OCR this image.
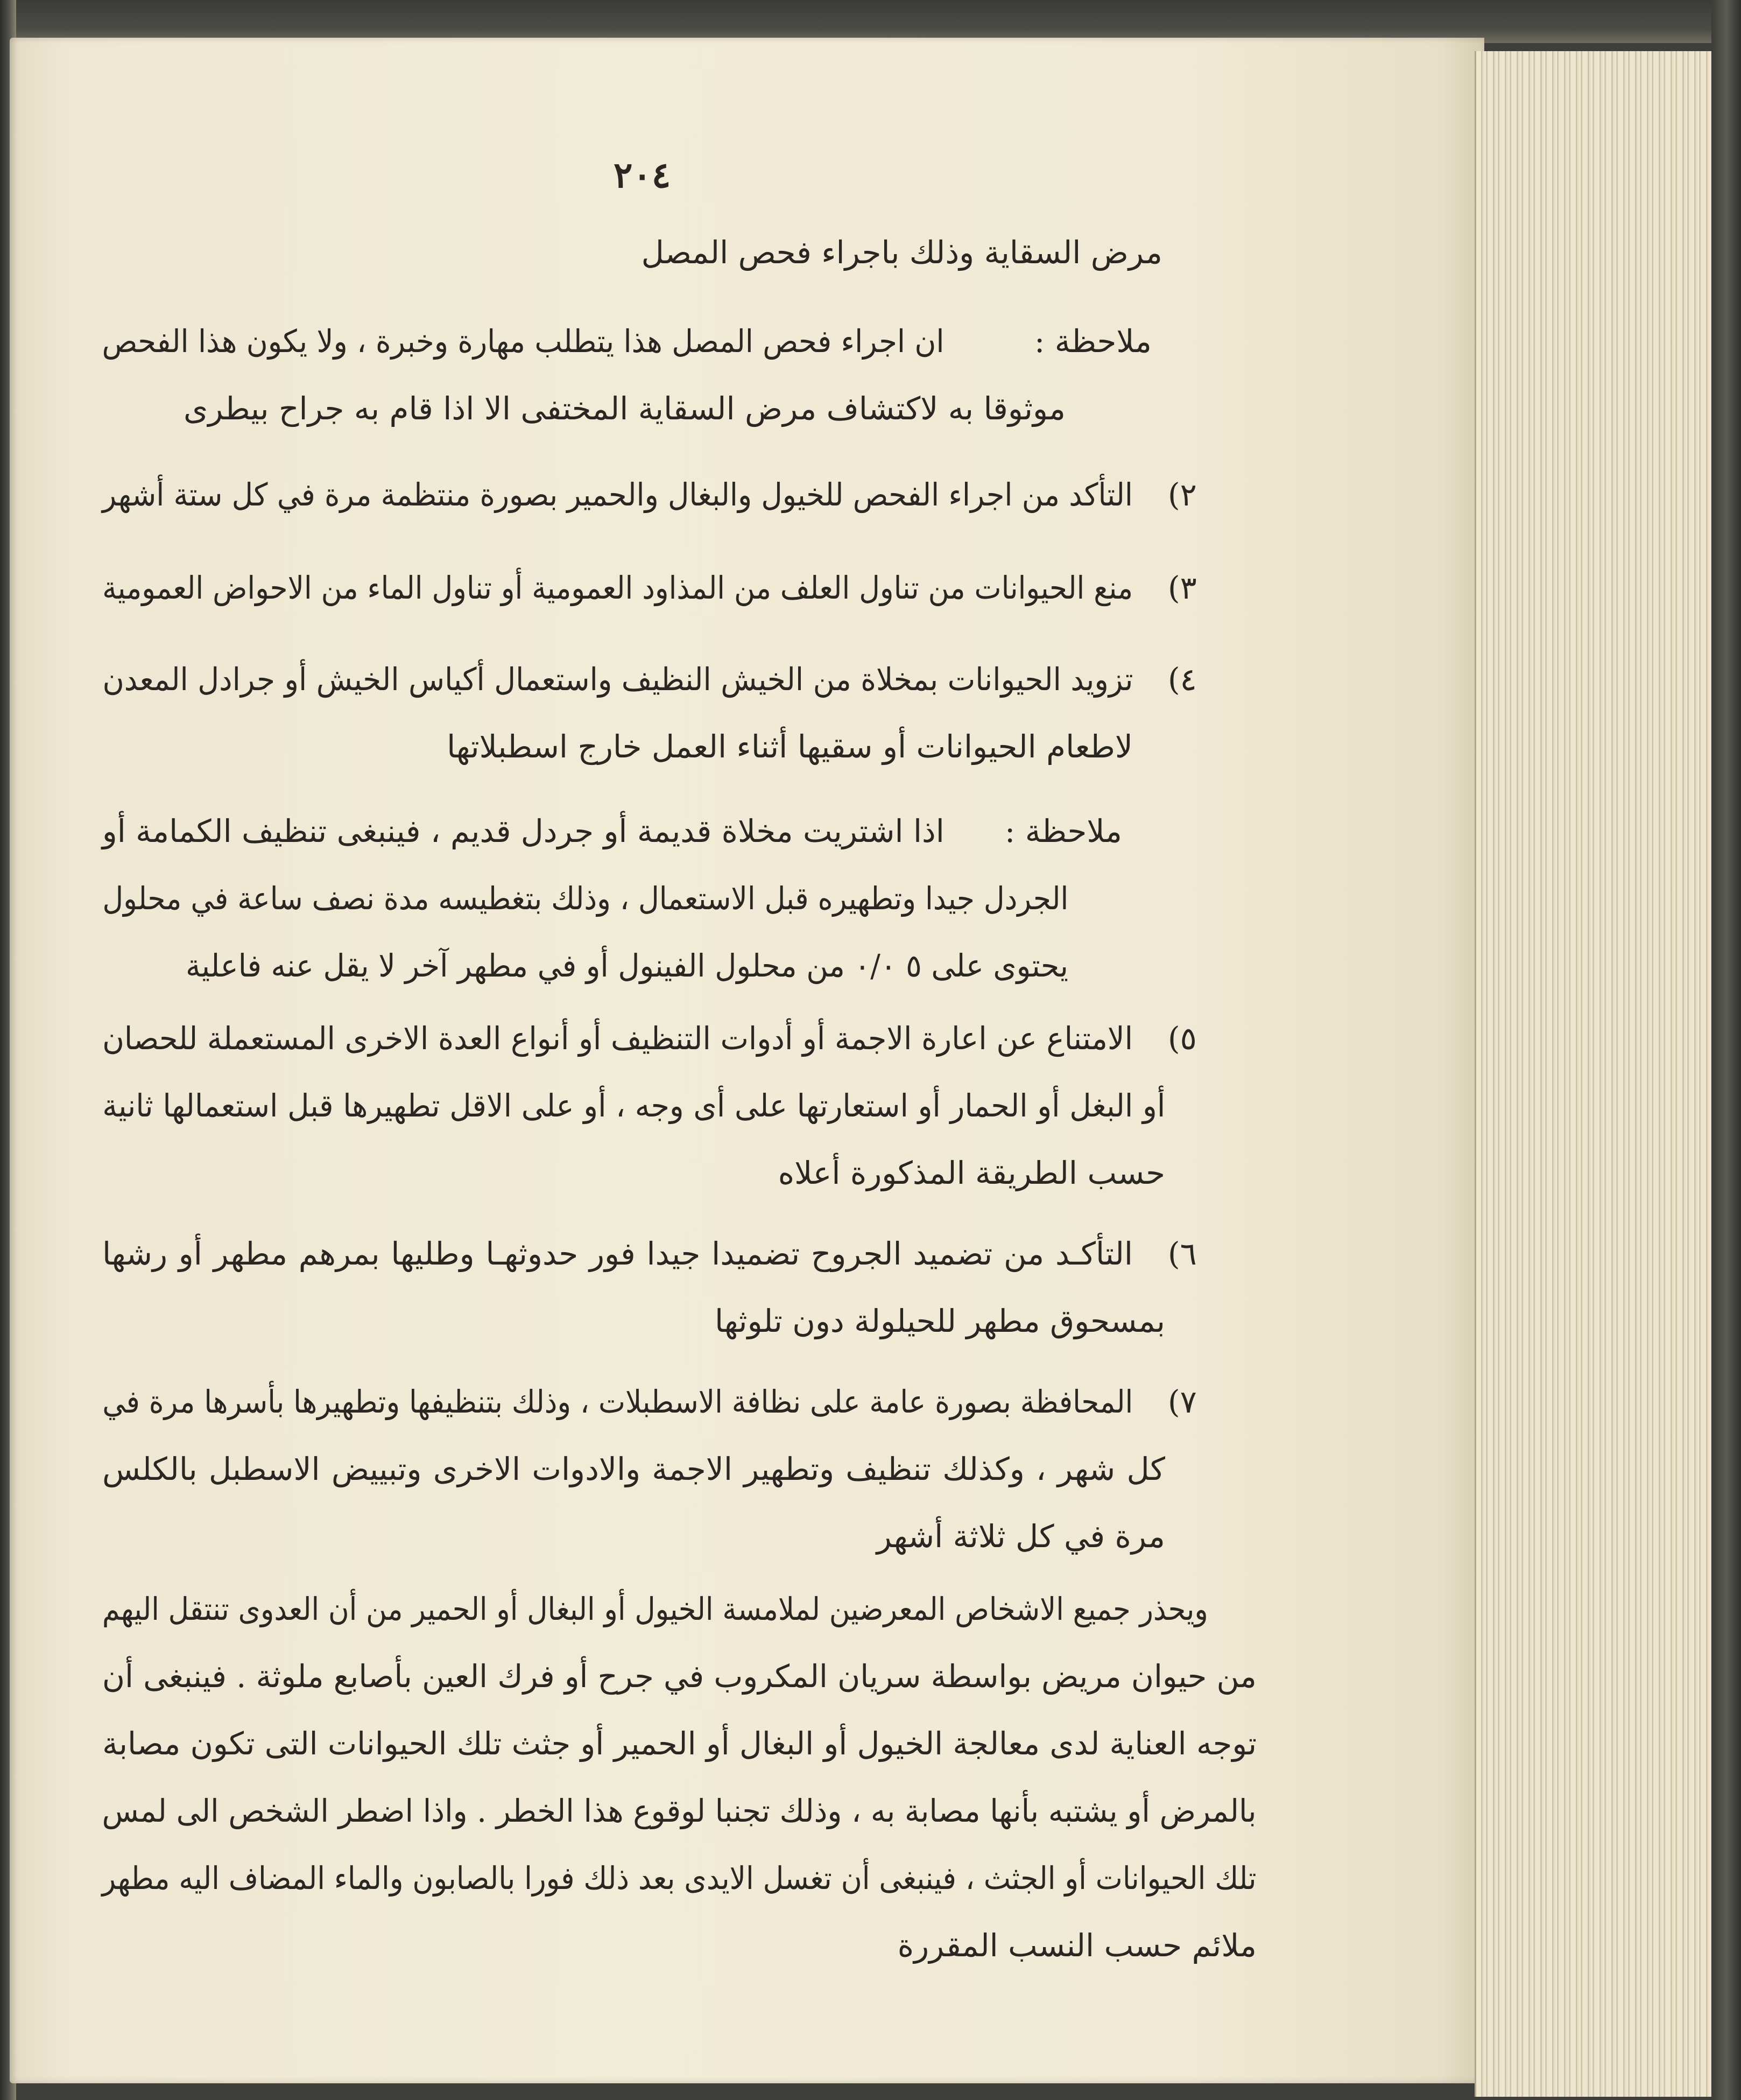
٢٠٤
مرض السقاية وذلك باجراء فحص المصل
ملاحظة :
ان اجراء فحص المصل هذا يتطلب مهارة وخبرة ، ولا يكون هذا الفحص
موثوقا به لاكتشاف مرض السقاية المختفى الا اذا قام به جراح بيطرى
٢)
التأكد من اجراء الفحص للخيول والبغال والحمير بصورة منتظمة مرة في كل ستة أشهر
٣)
منع الحيوانات من تناول العلف من المذاود العمومية أو تناول الماء من الاحواض العمومية
٤)
تزويد الحيوانات بمخلاة من الخيش النظيف واستعمال أكياس الخيش أو جرادل المعدن
لاطعام الحيوانات أو سقيها أثناء العمل خارج اسطبلاتها
ملاحظة :
اذا اشتريت مخلاة قديمة أو جردل قديم ، فينبغى تنظيف الكمامة أو
الجردل جيدا وتطهيره قبل الاستعمال ، وذلك بتغطيسه مدة نصف ساعة في محلول
يحتوى على ٥ ٠/٠ من محلول الفينول أو في مطهر آخر لا يقل عنه فاعلية
٥)
الامتناع عن اعارة الاجمة أو أدوات التنظيف أو أنواع العدة الاخرى المستعملة للحصان
أو البغل أو الحمار أو استعارتها على أى وجه ، أو على الاقل تطهيرها قبل استعمالها ثانية
حسب الطريقة المذكورة أعلاه
٦)
التأكـد من تضميد الجروح تضميدا جيدا فور حدوثهـا وطليها بمرهم مطهر أو رشها
بمسحوق مطهر للحيلولة دون تلوثها
٧)
المحافظة بصورة عامة على نظافة الاسطبلات ، وذلك بتنظيفها وتطهيرها بأسرها مرة في
كل شهر ، وكذلك تنظيف وتطهير الاجمة والادوات الاخرى وتبييض الاسطبل بالكلس
مرة في كل ثلاثة أشهر
ويحذر جميع الاشخاص المعرضين لملامسة الخيول أو البغال أو الحمير من أن العدوى تنتقل اليهم
من حيوان مريض بواسطة سريان المكروب في جرح أو فرك العين بأصابع ملوثة . فينبغى أن
توجه العناية لدى معالجة الخيول أو البغال أو الحمير أو جثث تلك الحيوانات التى تكون مصابة
بالمرض أو يشتبه بأنها مصابة به ، وذلك تجنبا لوقوع هذا الخطر . واذا اضطر الشخص الى لمس
تلك الحيوانات أو الجثث ، فينبغى أن تغسل الايدى بعد ذلك فورا بالصابون والماء المضاف اليه مطهر
ملائم حسب النسب المقررة
